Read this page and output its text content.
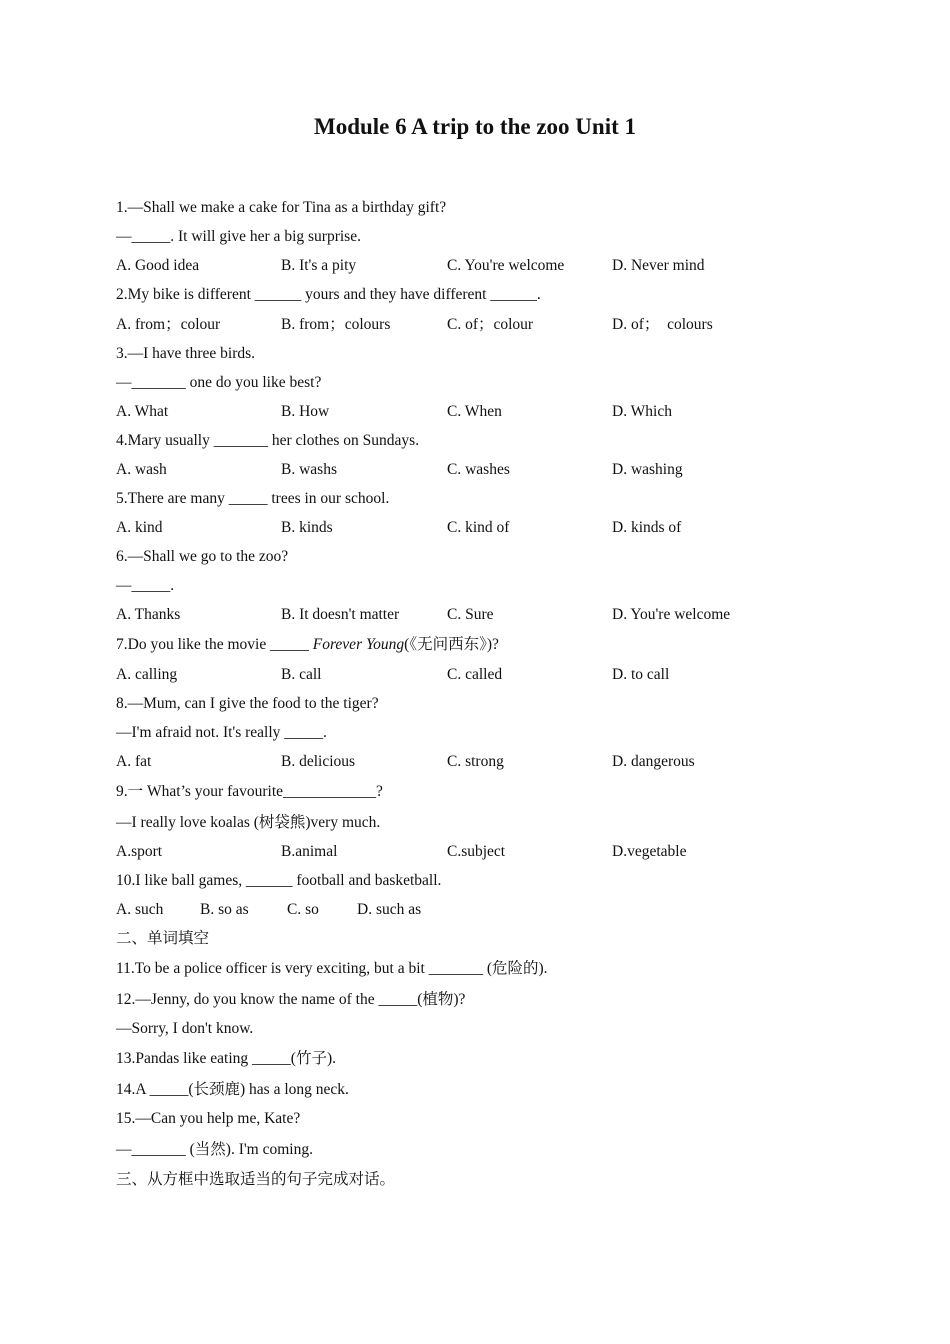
Module 6 A trip to the zoo Unit 1
1.—Shall we make a cake for Tina as a birthday gift?
—_____. It will give her a big surprise.
A. Good idea	B. It's a pity	C. You're welcome	D. Never mind
2.My bike is different ______ yours and they have different ______.
A. from；colour	B. from；colours	C. of；colour	D. of；  colours
3.—I have three birds.
—_______ one do you like best?
A. What	B. How	C. When	D. Which
4.Mary usually _______ her clothes on Sundays.
A. wash	B. washs	C. washes	D. washing
5.There are many _____ trees in our school.
A. kind	B. kinds	C. kind of	D. kinds of
6.—Shall we go to the zoo?
—_____.
A. Thanks	B. It doesn't matter	C. Sure	D. You're welcome
7.Do you like the movie _____ Forever Young(《无问西东》)?
A. calling	B. call	C. called	D. to call
8.—Mum, can I give the food to the tiger?
—I'm afraid not. It's really _____.
A. fat	B. delicious	C. strong	D. dangerous
9.一 What’s your favourite____________?
—I really love koalas (树袋熊)very much.
A.sport	B.animal	C.subject	D.vegetable
10.I like ball games, ______ football and basketball.
A. such B. so as C. so D. such as
二、单词填空
11.To be a police officer is very exciting, but a bit _______ (危险的).
12.—Jenny, do you know the name of the _____(植物)?
—Sorry, I don't know.
13.Pandas like eating _____(竹子).
14.A _____(长颈鹿) has a long neck.
15.—Can you help me, Kate?
—_______ (当然). I'm coming.
三、从方框中选取适当的句子完成对话。
